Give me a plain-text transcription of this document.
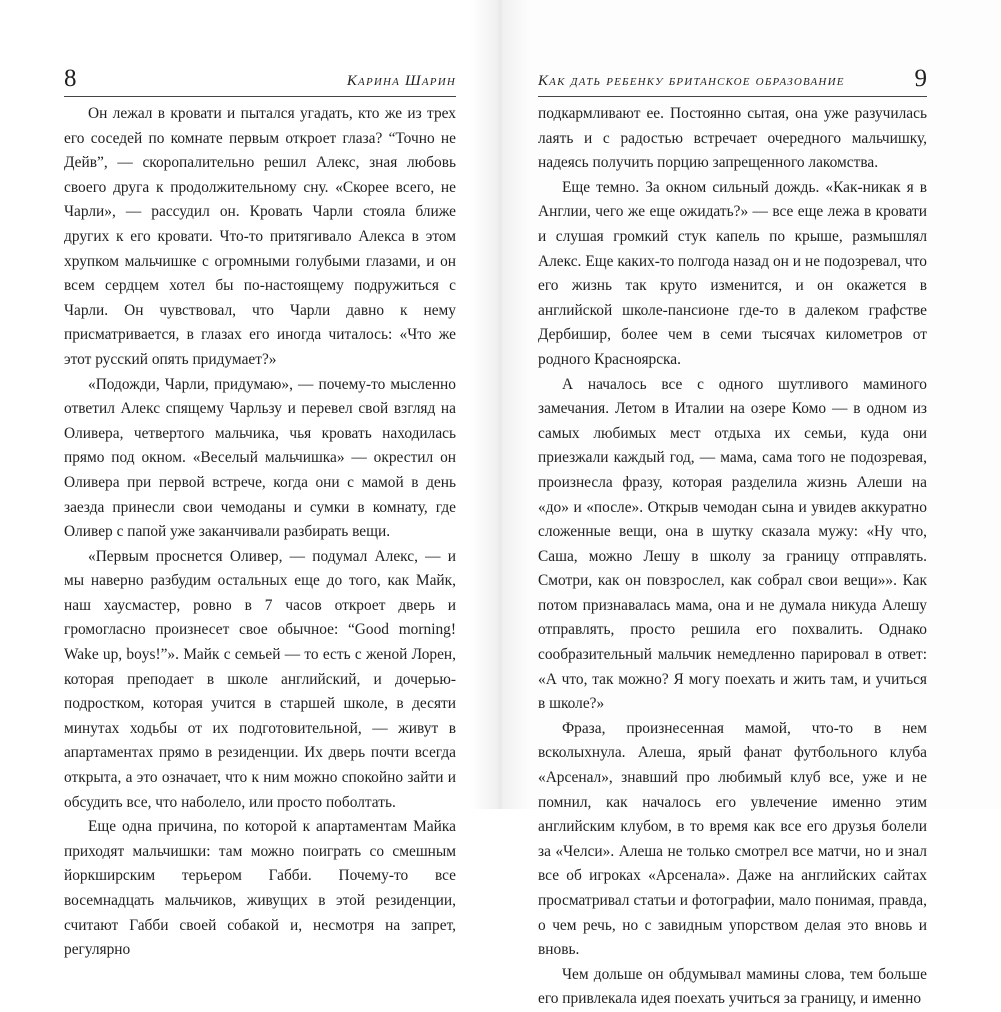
8	Карина Шарин

Он лежал в кровати и пытался угадать, кто же из трех его соседей по комнате первым откроет глаза? “Точно не Дейв”, — скоропалительно решил Алекс, зная любовь своего друга к продолжительному сну. «Скорее всего, не Чарли», — рассудил он. Кровать Чарли стояла ближе других к его кровати. Что-то притягивало Алекса в этом хрупком мальчишке с огромными голубыми глазами, и он всем сердцем хотел бы по-настоящему подружиться с Чарли. Он чувствовал, что Чарли давно к нему присматривается, в глазах его иногда читалось: «Что же этот русский опять придумает?»

«Подожди, Чарли, придумаю», — почему-то мысленно ответил Алекс спящему Чарльзу и перевел свой взгляд на Оливера, четвертого мальчика, чья кровать находилась прямо под окном. «Веселый мальчишка» — окрестил он Оливера при первой встрече, когда они с мамой в день заезда принесли свои чемоданы и сумки в комнату, где Оливер с папой уже заканчивали разбирать вещи.

«Первым проснется Оливер, — подумал Алекс, — и мы наверно разбудим остальных еще до того, как Майк, наш хаусмастер, ровно в 7 часов откроет дверь и громогласно произнесет свое обычное: “Good morning! Wake up, boys!”». Майк с семьей — то есть с женой Лорен, которая преподает в школе английский, и дочерью-подростком, которая учится в старшей школе, в десяти минутах ходьбы от их подготовительной, — живут в апартаментах прямо в резиденции. Их дверь почти всегда открыта, а это означает, что к ним можно спокойно зайти и обсудить все, что наболело, или просто поболтать.

Еще одна причина, по которой к апартаментам Майка приходят мальчишки: там можно поиграть со смешным йоркширским терьером Габби. Почему-то все восемнадцать мальчиков, живущих в этой резиденции, считают Габби своей собакой и, несмотря на запрет, регулярно

Как дать ребенку британское образование	9

подкармливают ее. Постоянно сытая, она уже разучилась лаять и с радостью встречает очередного мальчишку, надеясь получить порцию запрещенного лакомства.

Еще темно. За окном сильный дождь. «Как-никак я в Англии, чего же еще ожидать?» — все еще лежа в кровати и слушая громкий стук капель по крыше, размышлял Алекс. Еще каких-то полгода назад он и не подозревал, что его жизнь так круто изменится, и он окажется в английской школе-пансионе где-то в далеком графстве Дербишир, более чем в семи тысячах километров от родного Красноярска.

А началось все с одного шутливого маминого замечания. Летом в Италии на озере Комо — в одном из самых любимых мест отдыха их семьи, куда они приезжали каждый год, — мама, сама того не подозревая, произнесла фразу, которая разделила жизнь Алеши на «до» и «после». Открыв чемодан сына и увидев аккуратно сложенные вещи, она в шутку сказала мужу: «Ну что, Саша, можно Лешу в школу за границу отправлять. Смотри, как он повзрослел, как собрал свои вещи»». Как потом признавалась мама, она и не думала никуда Алешу отправлять, просто решила его похвалить. Однако сообразительный мальчик немедленно парировал в ответ: «А что, так можно? Я могу поехать и жить там, и учиться в школе?»

Фраза, произнесенная мамой, что-то в нем всколыхнула. Алеша, ярый фанат футбольного клуба «Арсенал», знавший про любимый клуб все, уже и не помнил, как началось его увлечение именно этим английским клубом, в то время как все его друзья болели за «Челси». Алеша не только смотрел все матчи, но и знал все об игроках «Арсенала». Даже на английских сайтах просматривал статьи и фотографии, мало понимая, правда, о чем речь, но с завидным упорством делая это вновь и вновь.

Чем дольше он обдумывал мамины слова, тем больше его привлекала идея поехать учиться за границу, и именно
